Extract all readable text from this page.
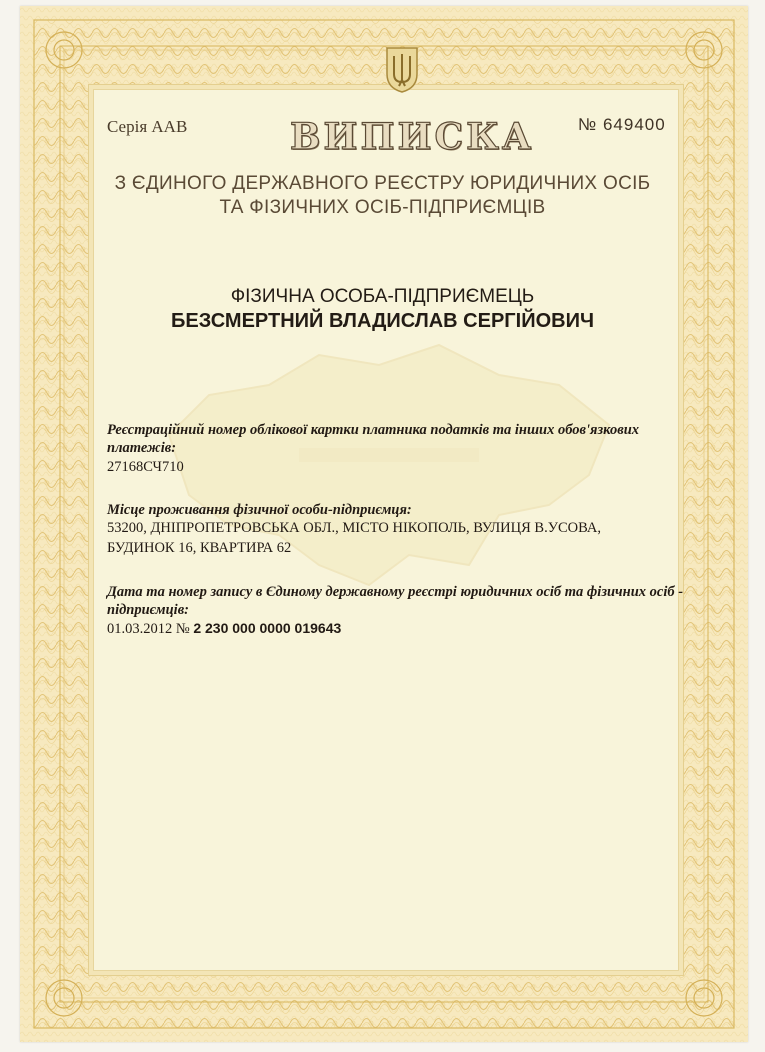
Серія AAB	ВИПИСКА	№ 649400
З ЄДИНОГО ДЕРЖАВНОГО РЕЄСТРУ ЮРИДИЧНИХ ОСІБ
ТА ФІЗИЧНИХ ОСІБ-ПІДПРИЄМЦІВ
ФІЗИЧНА ОСОБА-ПІДПРИЄМЕЦЬ
БЕЗСМЕРТНИЙ ВЛАДИСЛАВ СЕРГІЙОВИЧ
Реєстраційний номер облікової картки платника податків та інших обов'язкових платежів:
27168СЧ710
Місце проживання фізичної особи-підприємця:
53200, ДНІПРОПЕТРОВСЬКА ОБЛ., МІСТО НІКОПОЛЬ, ВУЛИЦЯ В.УСОВА,
БУДИНОК 16, КВАРТИРА 62
Дата та номер запису в Єдиному державному реєстрі юридичних осіб та фізичних осіб - підприємців:
01.03.2012 № 2 230 000 0000 019643
